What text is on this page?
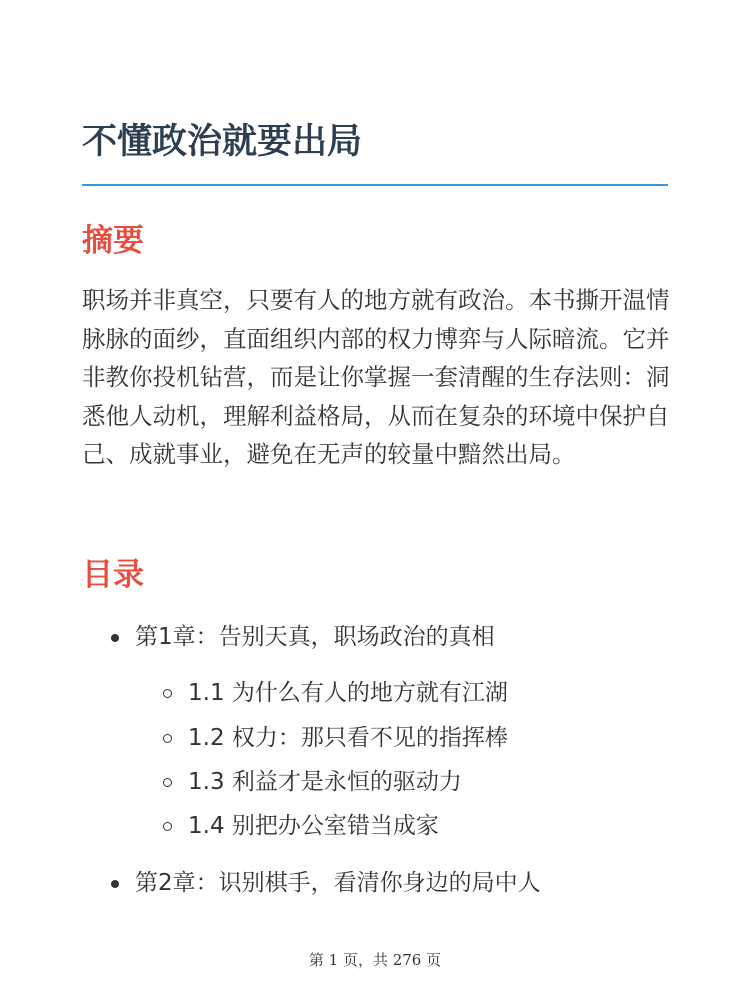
不懂政治就要出局
摘要

职场并非真空，只要有人的地方就有政治。本书撕开温情脉脉的面纱，直面组织内部的权力博弈与人际暗流。它并非教你投机钻营，而是让你掌握一套清醒的生存法则：洞悉他人动机，理解利益格局，从而在复杂的环境中保护自己、成就事业，避免在无声的较量中黯然出局。

目录
第1章：告别天真，职场政治的真相
1.1 为什么有人的地方就有江湖
1.2 权力：那只看不见的指挥棒
1.3 利益才是永恒的驱动力
1.4 别把办公室错当成家
第2章：识别棋手，看清你身边的局中人
第 1 页，共 276 页
